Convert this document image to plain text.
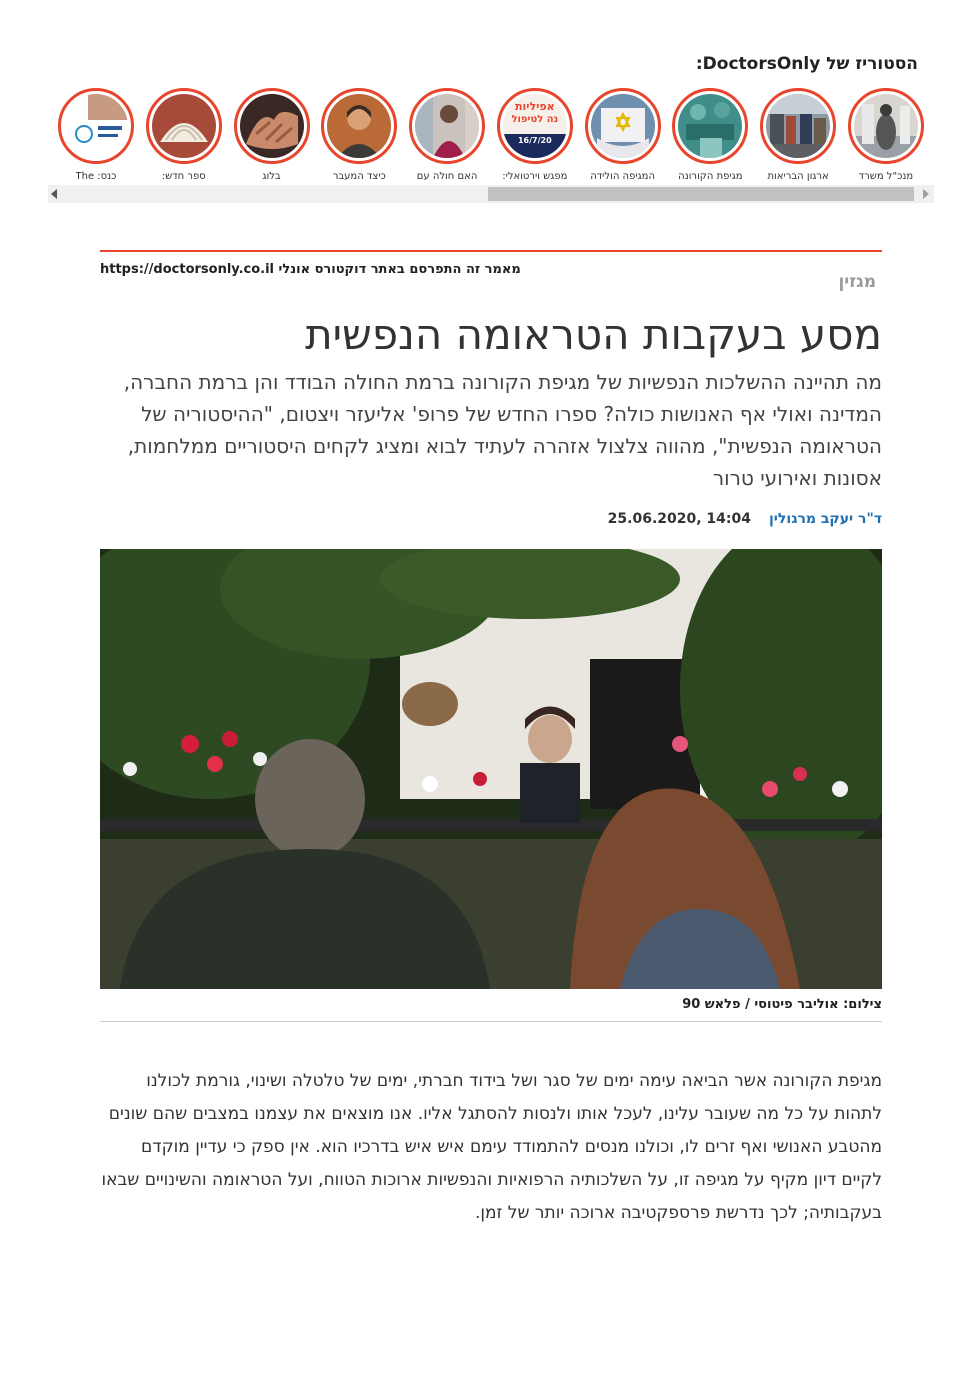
הסטוריז של DoctorsOnly:
מנכ"ל משרד
ארגון הבריאות
מגיפת הקורונה
המגיפה הולידה
אפיליות
נה לטיפול
16/7/20
מפגש וירטואלי:
האם חולה עם
כיצד המעבר
בלוג
ספר חדש:
כנס: The
מאמר זה התפרסם באתר דוקטורס אונלי https://doctorsonly.co.il
מגזין
מסע בעקבות הטראומה הנפשית
מה תהיינה ההשלכות הנפשיות של מגיפת הקורונה ברמת החולה הבודד והן ברמת החברה, המדינה ואולי אף האנושות כולה? ספרו החדש של פרופ' אליעזר ויצטום, "ההיסטוריה של הטראומה הנפשית", מהווה צלצול אזהרה לעתיד לבוא ומציג לקחים היסטוריים ממלחמות, אסונות ואירועי טרור
ד"ר יעקב מרגולין
25.06.2020, 14:04
צילום: אוליבר פיטוסי / פלאש 90
מגיפת הקורונה אשר הביאה עימה ימים של סגר ושל בידוד חברתי, ימים של טלטלה ושינוי, גורמת לכולנו לתהות על כל מה שעובר עלינו, לעכל אותו ולנסות להסתגל אליו. אנו מוצאים את עצמנו במצבים שהם שונים מהטבע האנושי ואף זרים לו, וכולנו מנסים להתמודד עימם איש איש בדרכיו הוא. אין ספק כי עדיין מוקדם לקיים דיון מקיף על מגיפה זו, על השלכותיה הרפואיות והנפשיות ארוכות הטווח, ועל הטראומה והשינויים שבאו בעקבותיה; לכך נדרשת פרספקטיבה ארוכה יותר של זמן.
